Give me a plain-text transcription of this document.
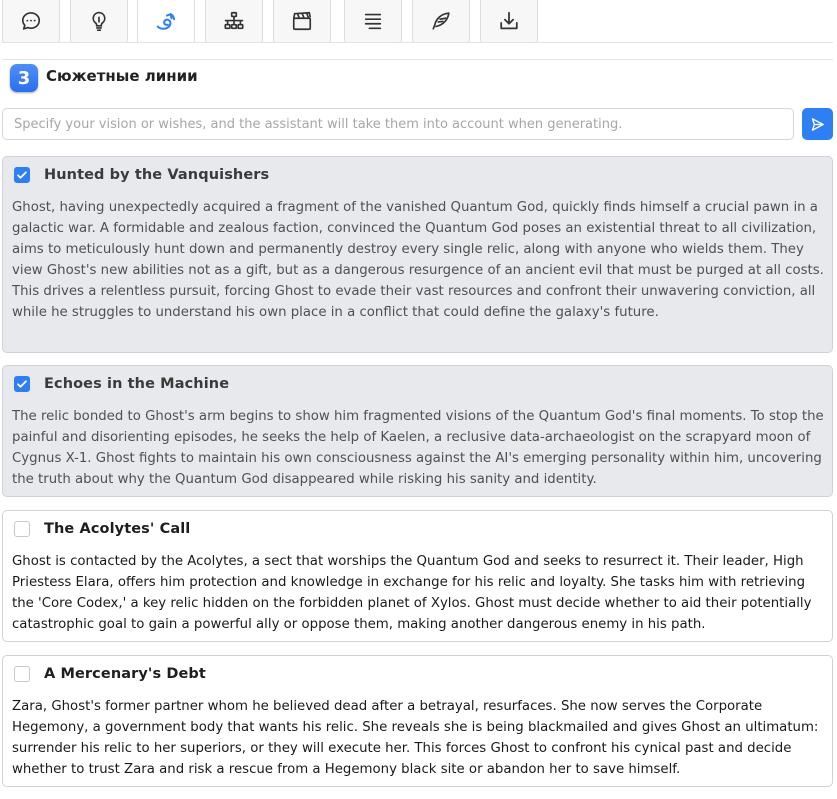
3	Сюжетные линии
Specify your vision or wishes, and the assistant will take them into account when generating.
Hunted by the Vanquishers
Ghost, having unexpectedly acquired a fragment of the vanished Quantum God, quickly finds himself a crucial pawn in a galactic war. A formidable and zealous faction, convinced the Quantum God poses an existential threat to all civilization, aims to meticulously hunt down and permanently destroy every single relic, along with anyone who wields them. They view Ghost's new abilities not as a gift, but as a dangerous resurgence of an ancient evil that must be purged at all costs. This drives a relentless pursuit, forcing Ghost to evade their vast resources and confront their unwavering conviction, all while he struggles to understand his own place in a conflict that could define the galaxy's future.
Echoes in the Machine
The relic bonded to Ghost's arm begins to show him fragmented visions of the Quantum God's final moments. To stop the painful and disorienting episodes, he seeks the help of Kaelen, a reclusive data-archaeologist on the scrapyard moon of Cygnus X-1. Ghost fights to maintain his own consciousness against the AI's emerging personality within him, uncovering the truth about why the Quantum God disappeared while risking his sanity and identity.
The Acolytes' Call
Ghost is contacted by the Acolytes, a sect that worships the Quantum God and seeks to resurrect it. Their leader, High Priestess Elara, offers him protection and knowledge in exchange for his relic and loyalty. She tasks him with retrieving the 'Core Codex,' a key relic hidden on the forbidden planet of Xylos. Ghost must decide whether to aid their potentially catastrophic goal to gain a powerful ally or oppose them, making another dangerous enemy in his path.
A Mercenary's Debt
Zara, Ghost's former partner whom he believed dead after a betrayal, resurfaces. She now serves the Corporate Hegemony, a government body that wants his relic. She reveals she is being blackmailed and gives Ghost an ultimatum: surrender his relic to her superiors, or they will execute her. This forces Ghost to confront his cynical past and decide whether to trust Zara and risk a rescue from a Hegemony black site or abandon her to save himself.
